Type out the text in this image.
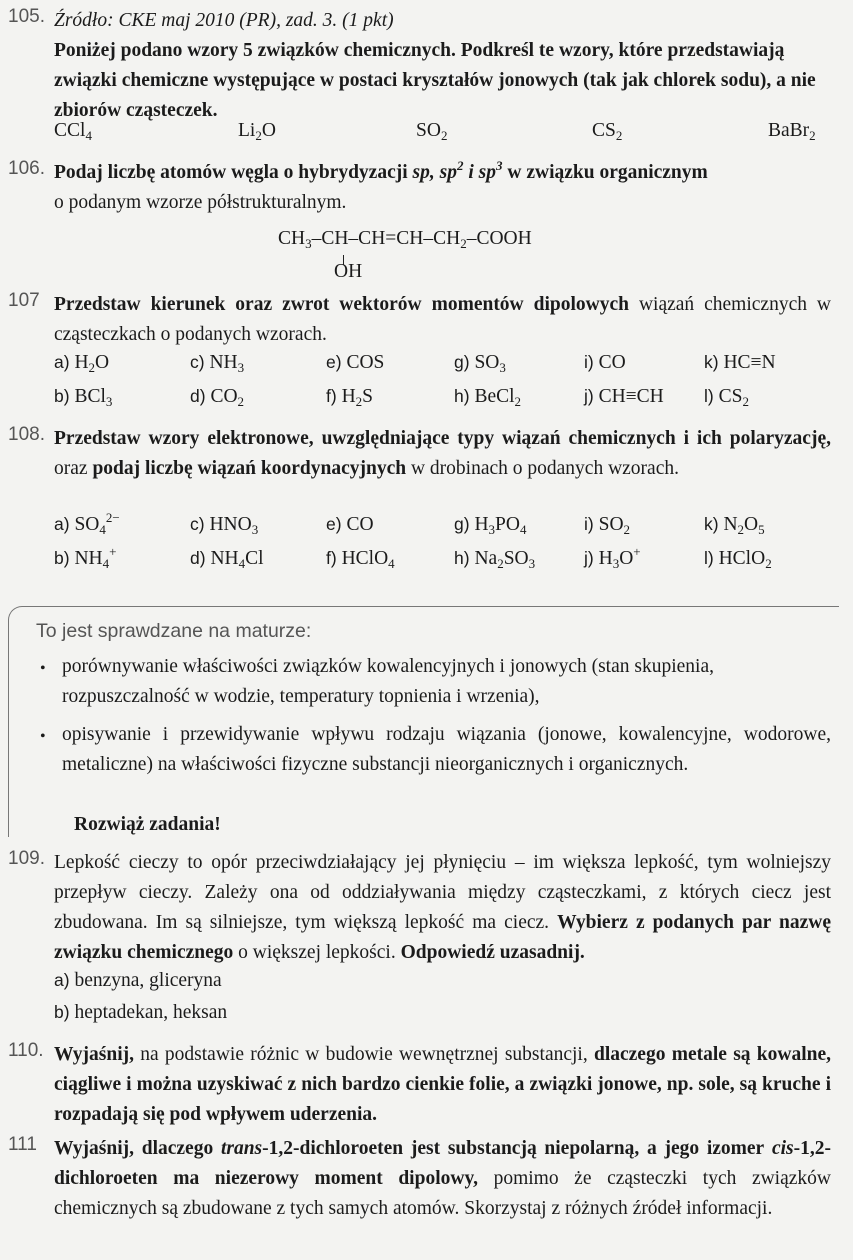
105. Źródło: CKE maj 2010 (PR), zad. 3. (1 pkt)
Poniżej podano wzory 5 związków chemicznych. Podkreśl te wzory, które przedstawiają związki chemiczne występujące w postaci kryształów jonowych (tak jak chlorek sodu), a nie zbiorów cząsteczek.
CCl$_4$	$Li_2O$	$SO_2$	$CS_2$	BaBr$_2$
106. Podaj liczbę atomów węgla o hybrydyzacji sp, $sp^2$ i $sp^3$ w związku organicznym
o podanym wzorze półstrukturalnym.
$CH_3-CH-CH=CH-CH_2$–COOH
OH
107 Przedstaw kierunek oraz zwrot wektorów momentów dipolowych wiązań chemicznych w cząsteczkach o podanych wzorach.
a) $H_2O$	c) $NH_3$	e) COS	g) $SO_3$	i) CO	k) HC≡N
b) BCl$_3$	d) $CO_2$	f) $H_2S$	h) BeCl$_2$	j) CH≡CH l) $CS_2$
108. Przedstaw wzory elektronowe, uwzględniające typy wiązań chemicznych i ich polaryzację, oraz podaj liczbę wiązań koordynacyjnych w drobinach o podanych wzorach.
a) $SO_4^{2-}$	c) $HNO_3$	e) CO	g) $H_3PO_4$	i) $SO_2$	k) $N_2O_5$
b) $NH_4^+$	d) $NH_4Cl$	f) HClO$_4$	h) $Na_2SO_3$	j) $H_3O^+$	l) HClO$_2$
To jest sprawdzane na maturze:
• porównywanie właściwości związków kowalencyjnych i jonowych (stan skupienia, rozpuszczalność w wodzie, temperatury topnienia i wrzenia),
• opisywanie i przewidywanie wpływu rodzaju wiązania (jonowe, kowalencyjne, wodorowe, metaliczne) na właściwości fizyczne substancji nieorganicznych i organicznych.
Rozwiąż zadania!
109. Lepkość cieczy to opór przeciwdziałający jej płynięciu – im większa lepkość, tym wolniejszy przepływ cieczy. Zależy ona od oddziaływania między cząsteczkami, z których ciecz jest zbudowana. Im są silniejsze, tym większą lepkość ma ciecz. Wybierz z podanych par nazwę związku chemicznego o większej lepkości. Odpowiedź uzasadnij.
a) benzyna, gliceryna
b) heptadekan, heksan
110. Wyjaśnij, na podstawie różnic w budowie wewnętrznej substancji, dlaczego metale są kowalne, ciągliwe i można uzyskiwać z nich bardzo cienkie folie, a związki jonowe, np. sole, są kruche i rozpadają się pod wpływem uderzenia.
111 Wyjaśnij, dlaczego trans-1,2-dichloroeten jest substancją niepolarną, a jego izomer cis-1,2-dichloroeten ma niezerowy moment dipolowy, pomimo że cząsteczki tych związków chemicznych są zbudowane z tych samych atomów. Skorzystaj z różnych źródeł informacji.
